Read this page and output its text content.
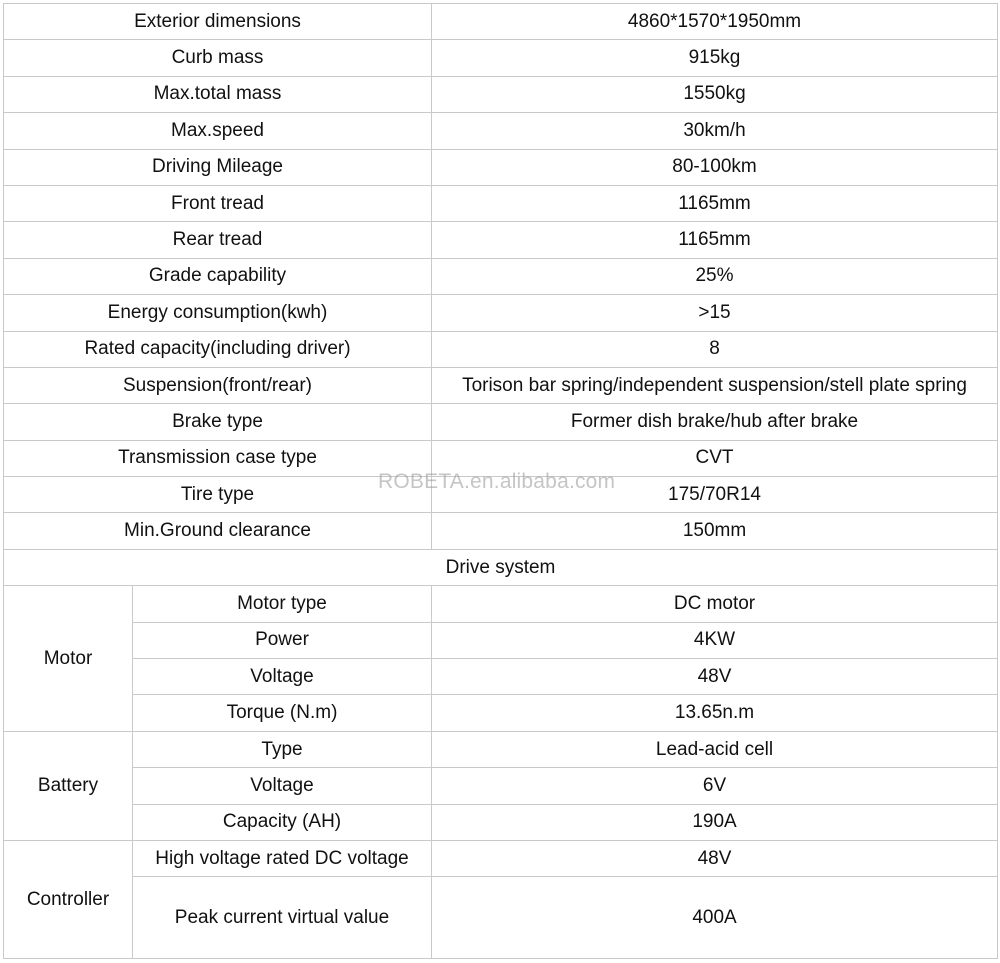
Exterior dimensions		4860*1570*1950mm
Curb mass		915kg
Max.total mass		1550kg
Max.speed		30km/h
Driving Mileage		80-100km
Front tread		1165mm
Rear tread		1165mm
Grade capability		25%
Energy consumption(kwh)		>15
Rated capacity(including driver)		8
Suspension(front/rear)		Torison bar spring/independent suspension/stell plate spring
Brake type		Former dish brake/hub after brake
Transmission case type		CVT
Tire type		175/70R14
Min.Ground clearance		150mm
Drive system		
Motor	Motor type	DC motor
	Power	4KW
	Voltage	48V
	Torque (N.m)	13.65n.m
Battery	Type	Lead-acid cell
	Voltage	6V
	Capacity (AH)	190A
Controller	High voltage rated DC voltage	48V
	Peak current virtual value	400A
ROBETA.en.alibaba.com
